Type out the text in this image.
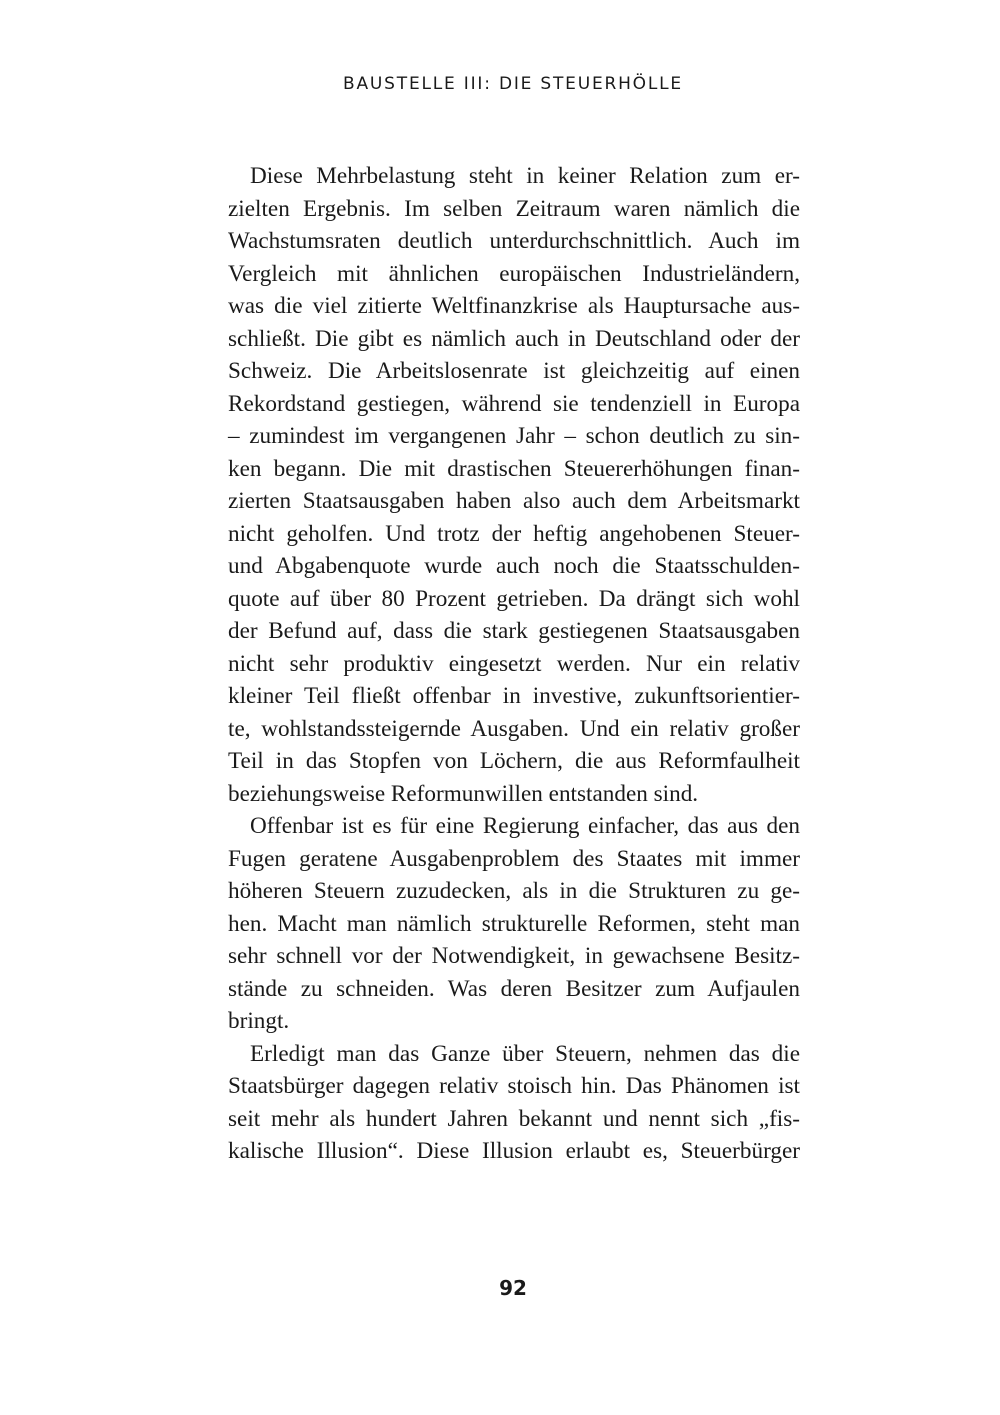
BAUSTELLE III: DIE STEUERHÖLLE
Diese Mehrbelastung steht in keiner Relation zum er-
zielten Ergebnis. Im selben Zeitraum waren nämlich die
Wachstumsraten deutlich unterdurchschnittlich. Auch im
Vergleich mit ähnlichen europäischen Industrieländern,
was die viel zitierte Weltfinanzkrise als Hauptursache aus-
schließt. Die gibt es nämlich auch in Deutschland oder der
Schweiz. Die Arbeitslosenrate ist gleichzeitig auf einen
Rekordstand gestiegen, während sie tendenziell in Europa
– zumindest im vergangenen Jahr – schon deutlich zu sin-
ken begann. Die mit drastischen Steuererhöhungen finan-
zierten Staatsausgaben haben also auch dem Arbeitsmarkt
nicht geholfen. Und trotz der heftig angehobenen Steuer-
und Abgabenquote wurde auch noch die Staatsschulden-
quote auf über 80 Prozent getrieben. Da drängt sich wohl
der Befund auf, dass die stark gestiegenen Staatsausgaben
nicht sehr produktiv eingesetzt werden. Nur ein relativ
kleiner Teil fließt offenbar in investive, zukunftsorientier-
te, wohlstandssteigernde Ausgaben. Und ein relativ großer
Teil in das Stopfen von Löchern, die aus Reformfaulheit
beziehungsweise Reformunwillen entstanden sind.
Offenbar ist es für eine Regierung einfacher, das aus den
Fugen geratene Ausgabenproblem des Staates mit immer
höheren Steuern zuzudecken, als in die Strukturen zu ge-
hen. Macht man nämlich strukturelle Reformen, steht man
sehr schnell vor der Notwendigkeit, in gewachsene Besitz-
stände zu schneiden. Was deren Besitzer zum Aufjaulen
bringt.
Erledigt man das Ganze über Steuern, nehmen das die
Staatsbürger dagegen relativ stoisch hin. Das Phänomen ist
seit mehr als hundert Jahren bekannt und nennt sich „fis-
kalische Illusion“. Diese Illusion erlaubt es, Steuerbürger
92
